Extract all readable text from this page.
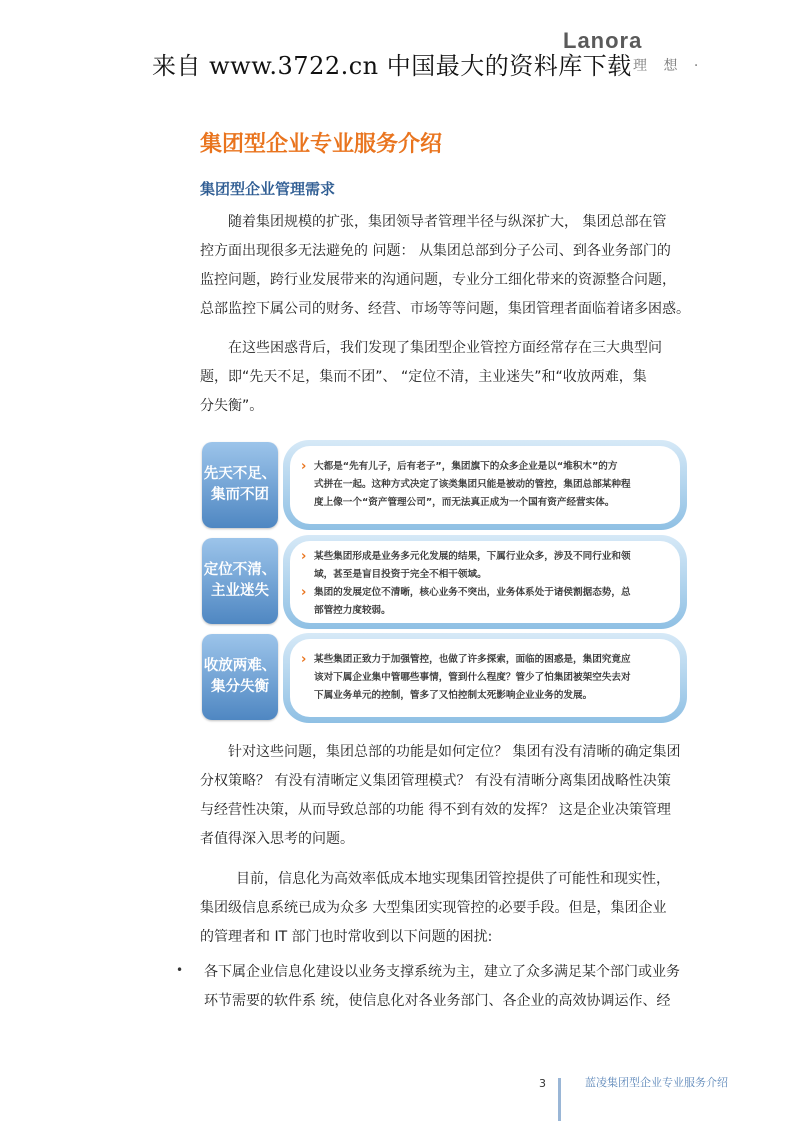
来自 www.3722.cn 中国最大的资料库下载
Lanora
理 想 ·
集团型企业专业服务介绍
集团型企业管理需求
随着集团规模的扩张，集团领导者管理半径与纵深扩大， 集团总部在管
控方面出现很多无法避免的 问题： 从集团总部到分子公司、到各业务部门的
监控问题，跨行业发展带来的沟通问题，专业分工细化带来的资源整合问题，
总部监控下属公司的财务、经营、市场等等问题，集团管理者面临着诸多困惑。
在这些困惑背后，我们发现了集团型企业管控方面经常存在三大典型问
题，即“先天不足，集而不团”、 “定位不清，主业迷失”和“收放两难，集
分失衡”。
先天不足、
集而不团
› 大都是“先有儿子，后有老子”，集团旗下的众多企业是以“堆积木”的方
式拼在一起。这种方式决定了该类集团只能是被动的管控，集团总部某种程
度上像一个“资产管理公司”，而无法真正成为一个国有资产经营实体。
定位不清、
主业迷失
› 某些集团形成是业务多元化发展的结果，下属行业众多，涉及不同行业和领
域，甚至是盲目投资于完全不相干领域。
› 集团的发展定位不清晰，核心业务不突出，业务体系处于诸侯割据态势，总
部管控力度较弱。
收放两难、
集分失衡
› 某些集团正致力于加强管控，也做了许多探索，面临的困惑是，集团究竟应
该对下属企业集中管哪些事情，管到什么程度？管少了怕集团被架空失去对
下属业务单元的控制，管多了又怕控制太死影响企业业务的发展。
针对这些问题，集团总部的功能是如何定位？ 集团有没有清晰的确定集团
分权策略？ 有没有清晰定义集团管理模式？ 有没有清晰分离集团战略性决策
与经营性决策，从而导致总部的功能 得不到有效的发挥？ 这是企业决策管理
者值得深入思考的问题。
目前，信息化为高效率低成本地实现集团管控提供了可能性和现实性，
集团级信息系统已成为众多 大型集团实现管控的必要手段。但是，集团企业
的管理者和 IT 部门也时常收到以下问题的困扰:
• 各下属企业信息化建设以业务支撑系统为主，建立了众多满足某个部门或业务
环节需要的软件系 统，使信息化对各业务部门、各企业的高效协调运作、经
3	蓝凌集团型企业专业服务介绍
